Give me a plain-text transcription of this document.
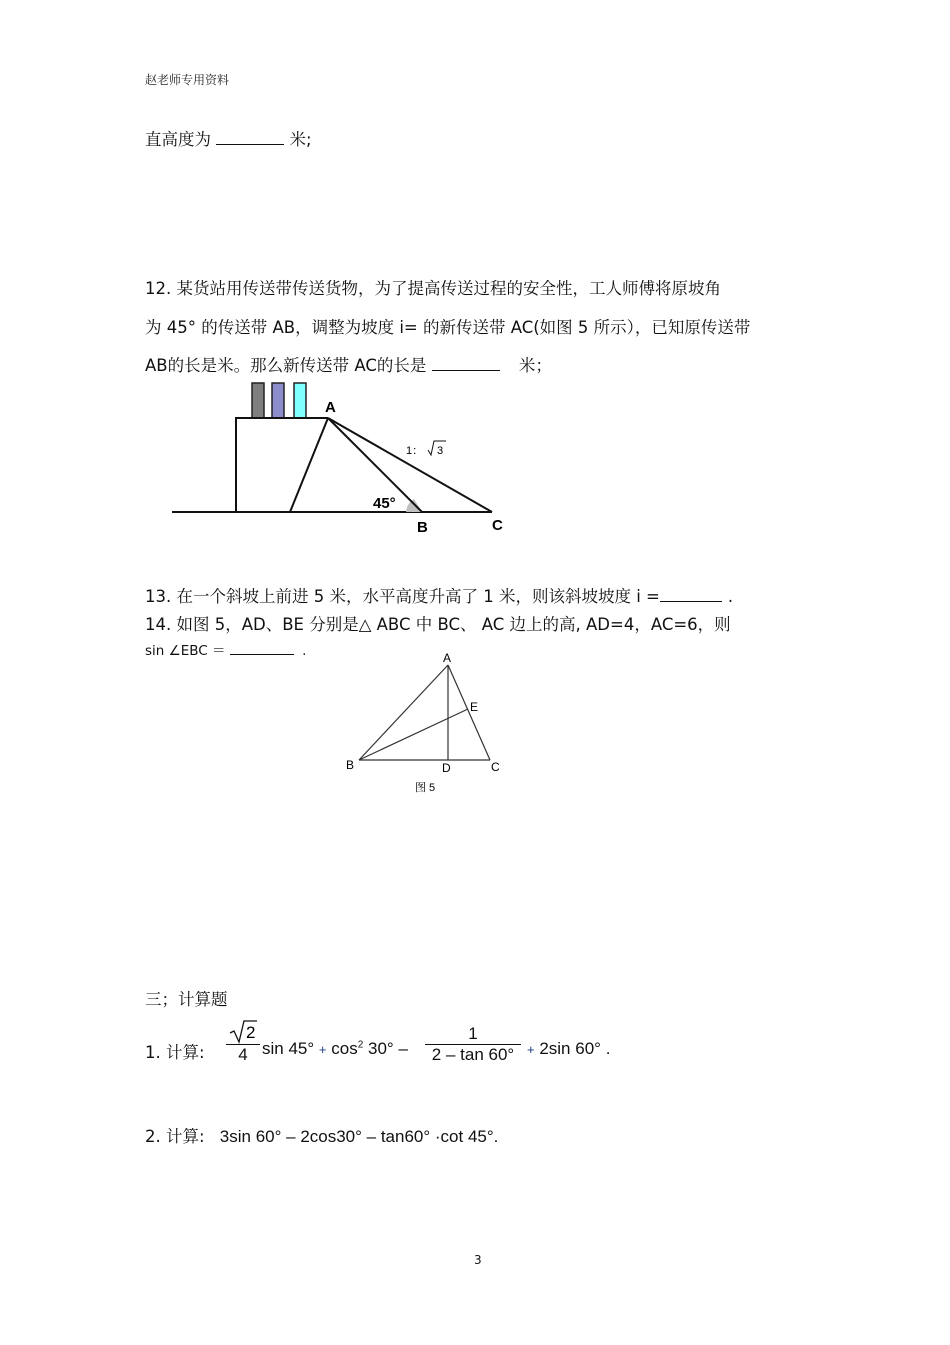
赵老师专用资料
直高度为	米;
12. 某货站用传送带传送货物，为了提高传送过程的安全性，工人师傅将原坡角
为 45° 的传送带 AB，调整为坡度 i= 的新传送带 AC(如图 5 所示），已知原传送带
AB的长是米。那么新传送带 AC的长是	米；
A
B	C
45°
1： 3
13. 在一个斜坡上前进 5 米，水平高度升高了 1 米，则该斜坡坡度 i =	.
14. 如图 5，AD、BE 分别是△ ABC 中 BC、 AC 边上的高, AD=4，AC=6，则
sin ∠EBC ＝	.	A
B	C
D
E
图 5
三；计算题
1. 计算: $\frac{2}{4}$ $\sin 45^\circ + \cos^2 30^\circ - \frac{1}{2 - \tan 60^\circ} + 2\sin$ 60° .
2. 计算: 3sin 60° – 2cos30° – tan60° ·cot 45°.
3
